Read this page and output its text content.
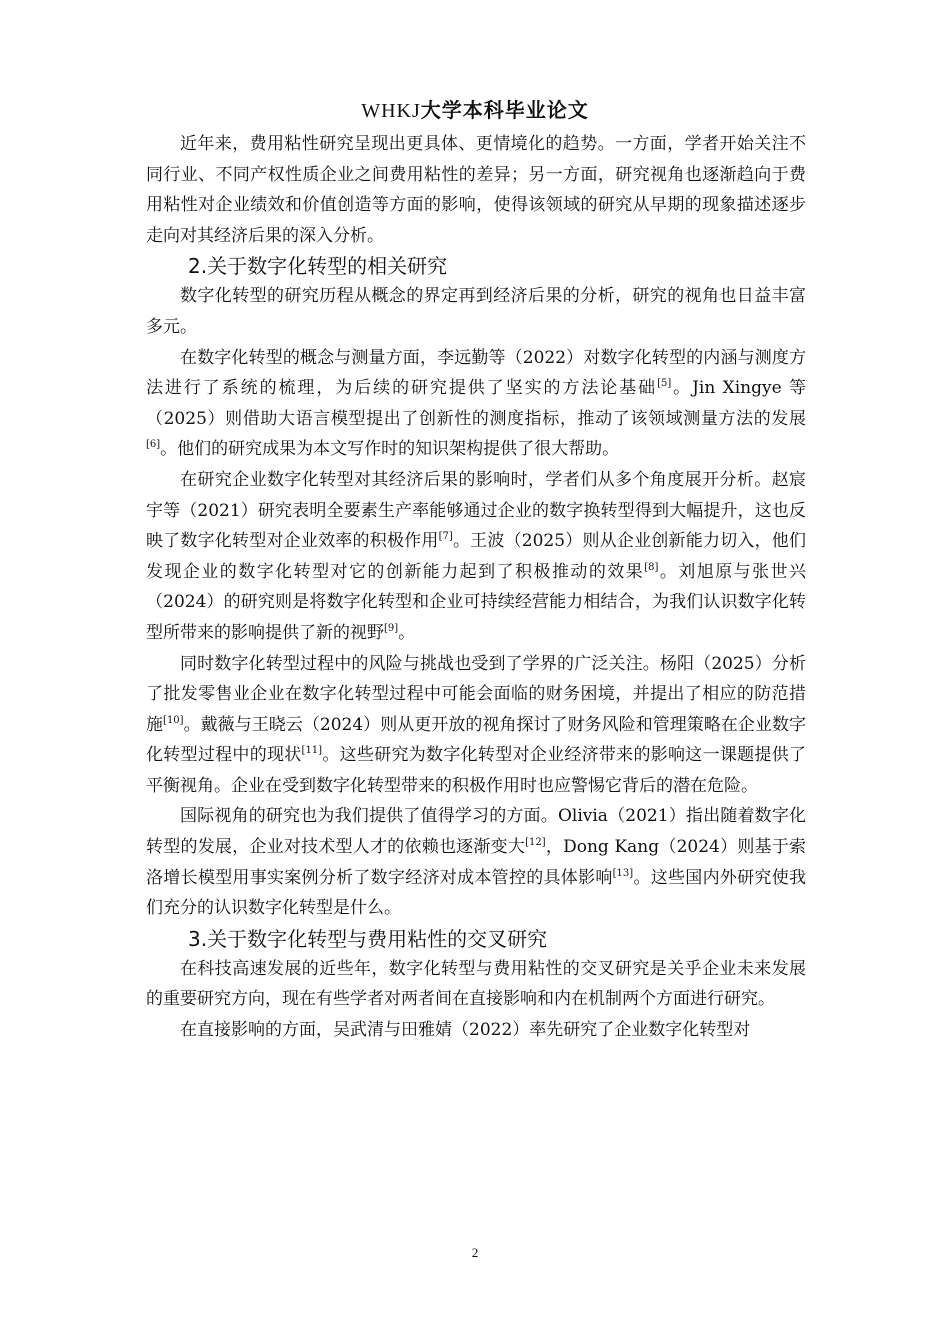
WHKJ大学本科毕业论文

近年来，费用粘性研究呈现出更具体、更情境化的趋势。一方面，学者开始关注不同行业、不同产权性质企业之间费用粘性的差异；另一方面，研究视角也逐渐趋向于费用粘性对企业绩效和价值创造等方面的影响，使得该领域的研究从早期的现象描述逐步走向对其经济后果的深入分析。

2.关于数字化转型的相关研究

数字化转型的研究历程从概念的界定再到经济后果的分析，研究的视角也日益丰富多元。

在数字化转型的概念与测量方面，李远勤等（2022）对数字化转型的内涵与测度方法进行了系统的梳理，为后续的研究提供了坚实的方法论基础[5]。Jin Xingye 等（2025）则借助大语言模型提出了创新性的测度指标，推动了该领域测量方法的发展[6]。他们的研究成果为本文写作时的知识架构提供了很大帮助。

在研究企业数字化转型对其经济后果的影响时，学者们从多个角度展开分析。赵宸宇等（2021）研究表明全要素生产率能够通过企业的数字换转型得到大幅提升，这也反映了数字化转型对企业效率的积极作用[7]。王波（2025）则从企业创新能力切入，他们发现企业的数字化转型对它的创新能力起到了积极推动的效果[8]。刘旭原与张世兴（2024）的研究则是将数字化转型和企业可持续经营能力相结合，为我们认识数字化转型所带来的影响提供了新的视野[9]。

同时数字化转型过程中的风险与挑战也受到了学界的广泛关注。杨阳（2025）分析了批发零售业企业在数字化转型过程中可能会面临的财务困境，并提出了相应的防范措施[10]。戴薇与王晓云（2024）则从更开放的视角探讨了财务风险和管理策略在企业数字化转型过程中的现状[11]。这些研究为数字化转型对企业经济带来的影响这一课题提供了平衡视角。企业在受到数字化转型带来的积极作用时也应警惕它背后的潜在危险。

国际视角的研究也为我们提供了值得学习的方面。Olivia（2021）指出随着数字化转型的发展，企业对技术型人才的依赖也逐渐变大[12]，Dong Kang（2024）则基于索洛增长模型用事实案例分析了数字经济对成本管控的具体影响[13]。这些国内外研究使我们充分的认识数字化转型是什么。

3.关于数字化转型与费用粘性的交叉研究

在科技高速发展的近些年，数字化转型与费用粘性的交叉研究是关乎企业未来发展的重要研究方向，现在有些学者对两者间在直接影响和内在机制两个方面进行研究。

在直接影响的方面，吴武清与田雅婧（2022）率先研究了企业数字化转型对

2
